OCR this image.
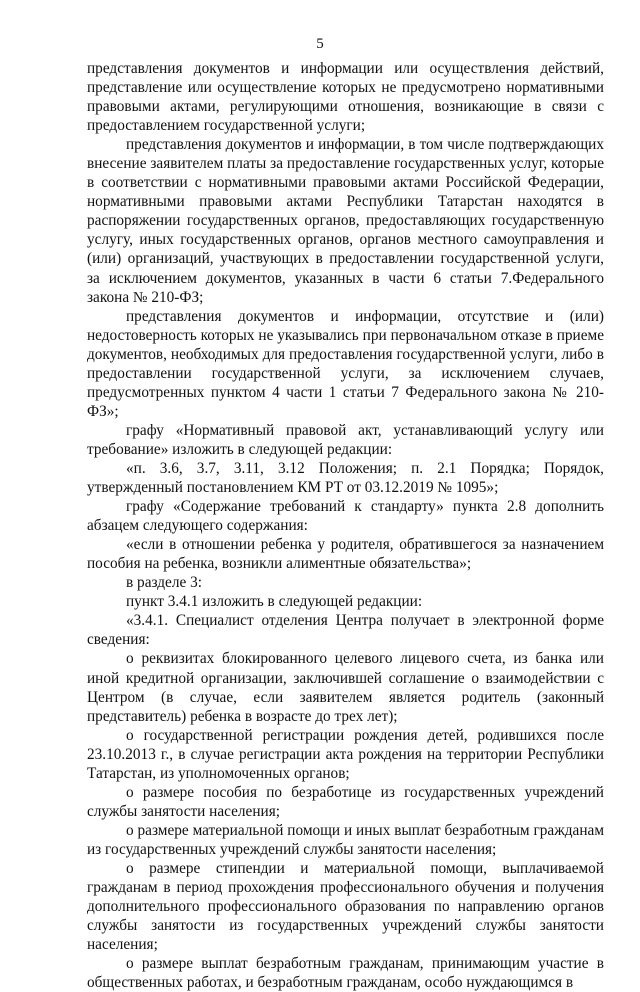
5

представления документов и информации или осуществления действий, представление или осуществление которых не предусмотрено нормативными правовыми актами, регулирующими отношения, возникающие в связи с предоставлением государственной услуги;

представления документов и информации, в том числе подтверждающих внесение заявителем платы за предоставление государственных услуг, которые в соответствии с нормативными правовыми актами Российской Федерации, нормативными правовыми актами Республики Татарстан находятся в распоряжении государственных органов, предоставляющих государственную услугу, иных государственных органов, органов местного самоуправления и (или) организаций, участвующих в предоставлении государственной услуги, за исключением документов, указанных в части 6 статьи 7.Федерального закона № 210-ФЗ;

представления документов и информации, отсутствие и (или) недостоверность которых не указывались при первоначальном отказе в приеме документов, необходимых для предоставления государственной услуги, либо в предоставлении государственной услуги, за исключением случаев, предусмотренных пунктом 4 части 1 статьи 7 Федерального закона № 210-ФЗ»;

графу «Нормативный правовой акт, устанавливающий услугу или требование» изложить в следующей редакции:

«п. 3.6, 3.7, 3.11, 3.12 Положения; п. 2.1 Порядка; Порядок, утвержденный постановлением КМ РТ от 03.12.2019 № 1095»;

графу «Содержание требований к стандарту» пункта 2.8 дополнить абзацем следующего содержания:

«если в отношении ребенка у родителя, обратившегося за назначением пособия на ребенка, возникли алиментные обязательства»;

в разделе 3:

пункт 3.4.1 изложить в следующей редакции:

«3.4.1. Специалист отделения Центра получает в электронной форме сведения:

о реквизитах блокированного целевого лицевого счета, из банка или иной кредитной организации, заключившей соглашение о взаимодействии с Центром (в случае, если заявителем является родитель (законный представитель) ребенка в возрасте до трех лет);

о государственной регистрации рождения детей, родившихся после 23.10.2013 г., в случае регистрации акта рождения на территории Республики Татарстан, из уполномоченных органов;

о размере пособия по безработице из государственных учреждений службы занятости населения;

о размере материальной помощи и иных выплат безработным гражданам из государственных учреждений службы занятости населения;

о размере стипендии и материальной помощи, выплачиваемой гражданам в период прохождения профессионального обучения и получения дополнительного профессионального образования по направлению органов службы занятости из государственных учреждений службы занятости населения;

о размере выплат безработным гражданам, принимающим участие в общественных работах, и безработным гражданам, особо нуждающимся в
